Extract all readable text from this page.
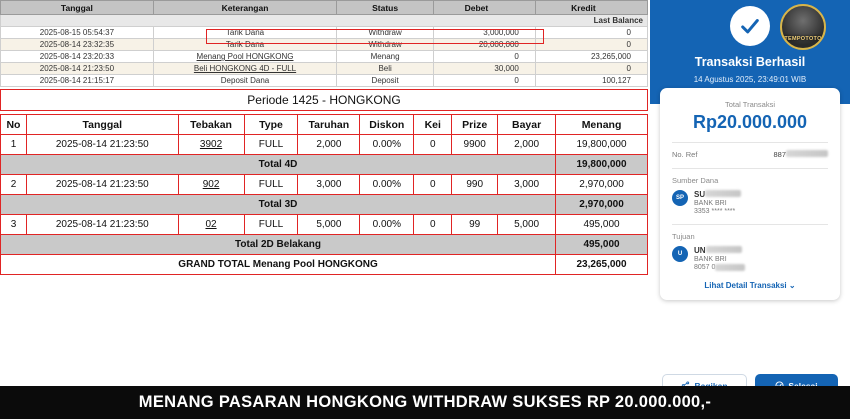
Tanggal	Keterangan	Status	Debet	Kredit
Last Balance				
2025-08-15 05:54:37	Tarik Dana	Withdraw	3,000,000	0
2025-08-14 23:32:35	Tarik Dana	Withdraw	20,000,000	0
2025-08-14 23:20:33	Menang Pool HONGKONG	Menang	0	23,265,000
2025-08-14 21:23:50	Beli HONGKONG 4D - FULL	Beli	30,000	0
2025-08-14 21:15:17	Deposit Dana	Deposit	0	100,127
Periode 1425 - HONGKONG
No	Tanggal	Tebakan	Type	Taruhan	Diskon	Kei	Prize	Bayar	Menang
1	2025-08-14 21:23:50	3902	FULL	2,000	0.00%	0	9900	2,000	19,800,000
Total 4D									19,800,000
2	2025-08-14 21:23:50	902	FULL	3,000	0.00%	0	990	3,000	2,970,000
Total 3D									2,970,000
3	2025-08-14 21:23:50	02	FULL	5,000	0.00%	0	99	5,000	495,000
Total 2D Belakang									495,000
GRAND TOTAL Menang Pool HONGKONG									23,265,000
TEMPOTOTO
Transaksi Berhasil
14 Agustus 2025, 23:49:01 WIB
Total Transaksi
Rp20.000.000
No. Ref	887
Sumber Dana
SP	SU
BANK BRI
3353 **** ****
Tujuan
U	UN
BANK BRI
8057 0
Lihat Detail Transaksi ⌄
MENANG PASARAN HONGKONG WITHDRAW SUKSES RP 20.000.000,-
